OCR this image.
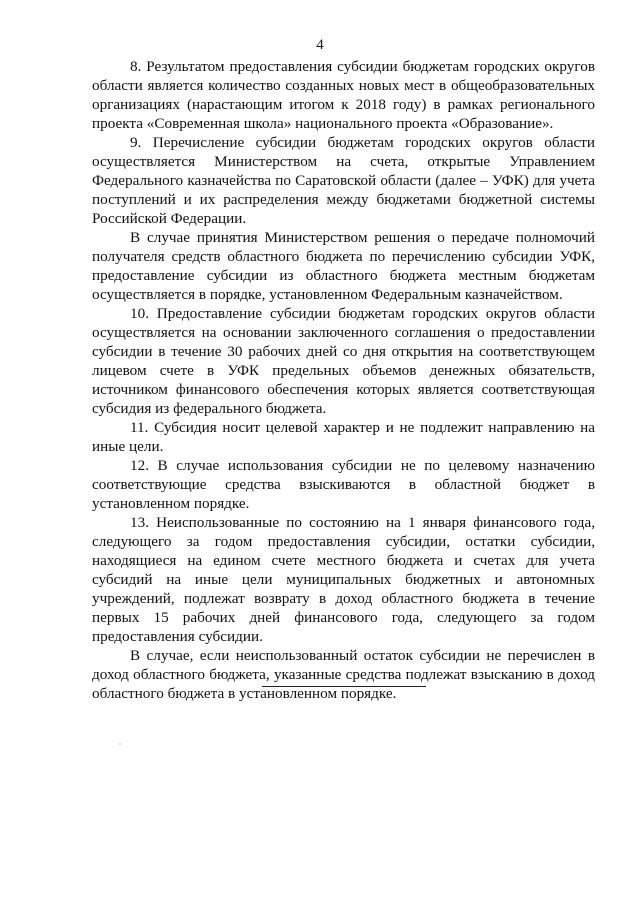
4

8. Результатом предоставления субсидии бюджетам городских округов области является количество созданных новых мест в общеобразовательных организациях (нарастающим итогом к 2018 году) в рамках регионального проекта «Современная школа» национального проекта «Образование».

9. Перечисление субсидии бюджетам городских округов области осуществляется Министерством на счета, открытые Управлением Федерального казначейства по Саратовской области (далее – УФК) для учета поступлений и их распределения между бюджетами бюджетной системы Российской Федерации.

В случае принятия Министерством решения о передаче полномочий получателя средств областного бюджета по перечислению субсидии УФК, предоставление субсидии из областного бюджета местным бюджетам осуществляется в порядке, установленном Федеральным казначейством.

10. Предоставление субсидии бюджетам городских округов области осуществляется на основании заключенного соглашения о предоставлении субсидии в течение 30 рабочих дней со дня открытия на соответствующем лицевом счете в УФК предельных объемов денежных обязательств, источником финансового обеспечения которых является соответствующая субсидия из федерального бюджета.

11. Субсидия носит целевой характер и не подлежит направлению на иные цели.

12. В случае использования субсидии не по целевому назначению соответствующие средства взыскиваются в областной бюджет в установленном порядке.

13. Неиспользованные по состоянию на 1 января финансового года, следующего за годом предоставления субсидии, остатки субсидии, находящиеся на едином счете местного бюджета и счетах для учета субсидий на иные цели муниципальных бюджетных и автономных учреждений, подлежат возврату в доход областного бюджета в течение первых 15 рабочих дней финансового года, следующего за годом предоставления субсидии.

В случае, если неиспользованный остаток субсидии не перечислен в доход областного бюджета, указанные средства подлежат взысканию в доход областного бюджета в установленном порядке.
